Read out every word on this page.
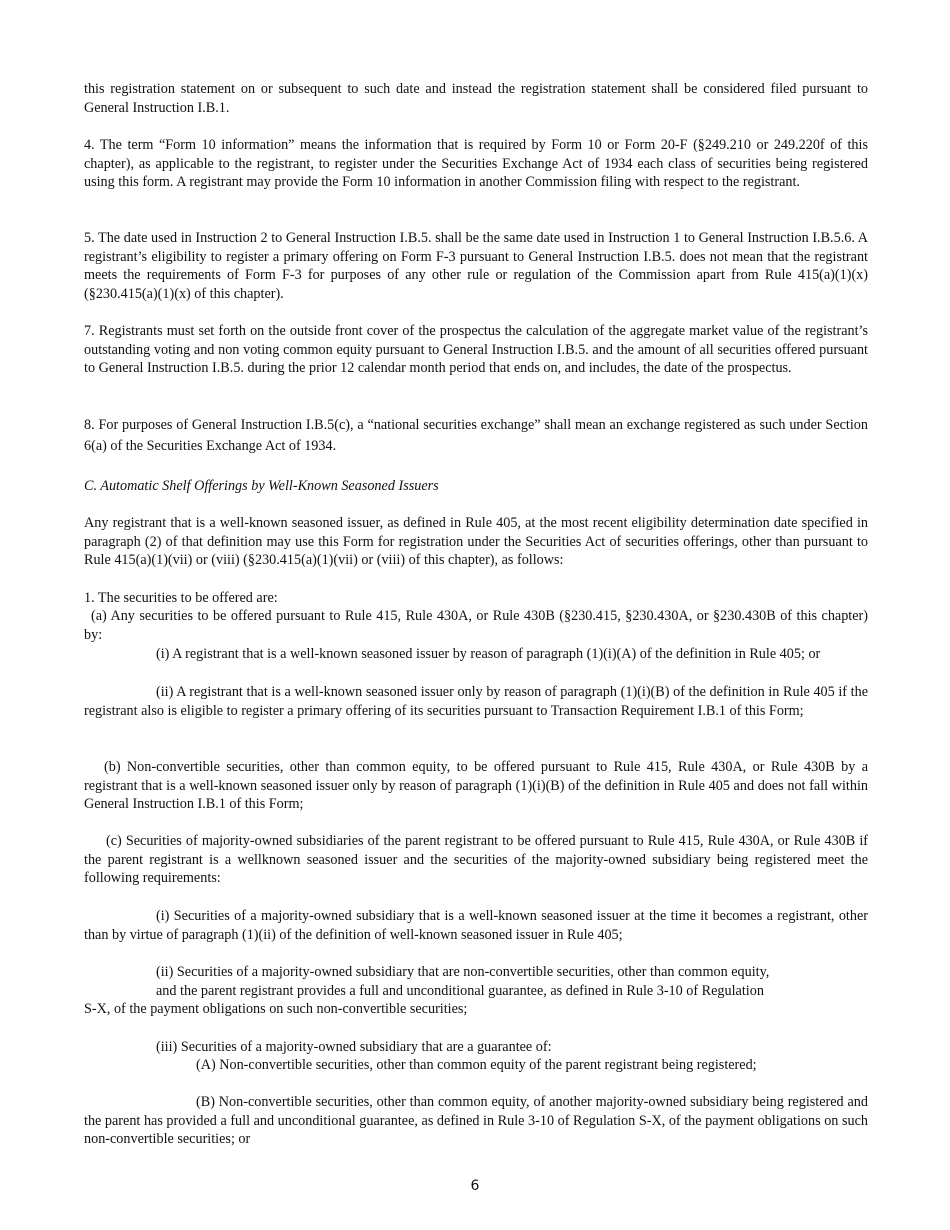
this registration statement on or subsequent to such date and instead the registration statement shall be considered filed pursuant to General Instruction I.B.1.

4. The term “Form 10 information” means the information that is required by Form 10 or Form 20-F (§249.210 or 249.220f of this chapter), as applicable to the registrant, to register under the Securities Exchange Act of 1934 each class of securities being registered using this form. A registrant may provide the Form 10 information in another Commission filing with respect to the registrant.

5. The date used in Instruction 2 to General Instruction I.B.5. shall be the same date used in Instruction 1 to General Instruction I.B.5.6. A registrant’s eligibility to register a primary offering on Form F-3 pursuant to General Instruction I.B.5. does not mean that the registrant meets the requirements of Form F-3 for purposes of any other rule or regulation of the Commission apart from Rule 415(a)(1)(x) (§230.415(a)(1)(x) of this chapter).

7. Registrants must set forth on the outside front cover of the prospectus the calculation of the aggregate market value of the registrant’s outstanding voting and non voting common equity pursuant to General Instruction I.B.5. and the amount of all securities offered pursuant to General Instruction I.B.5. during the prior 12 calendar month period that ends on, and includes, the date of the prospectus.

8. For purposes of General Instruction I.B.5(c), a “national securities exchange” shall mean an exchange registered as such under Section 6(a) of the Securities Exchange Act of 1934.

C. Automatic Shelf Offerings by Well-Known Seasoned Issuers

Any registrant that is a well-known seasoned issuer, as defined in Rule 405, at the most recent eligibility determination date specified in paragraph (2) of that definition may use this Form for registration under the Securities Act of securities offerings, other than pursuant to Rule 415(a)(1)(vii) or (viii) (§230.415(a)(1)(vii) or (viii) of this chapter), as follows:

1. The securities to be offered are:

(a) Any securities to be offered pursuant to Rule 415, Rule 430A, or Rule 430B (§230.415, §230.430A, or §230.430B of this chapter) by:

(i) A registrant that is a well-known seasoned issuer by reason of paragraph (1)(i)(A) of the definition in Rule 405; or

(ii) A registrant that is a well-known seasoned issuer only by reason of paragraph (1)(i)(B) of the definition in Rule 405 if the registrant also is eligible to register a primary offering of its securities pursuant to Transaction Requirement I.B.1 of this Form;

(b) Non-convertible securities, other than common equity, to be offered pursuant to Rule 415, Rule 430A, or Rule 430B by a registrant that is a well-known seasoned issuer only by reason of paragraph (1)(i)(B) of the definition in Rule 405 and does not fall within General Instruction I.B.1 of this Form;

(c) Securities of majority-owned subsidiaries of the parent registrant to be offered pursuant to Rule 415, Rule 430A, or Rule 430B if the parent registrant is a wellknown seasoned issuer and the securities of the majority-owned subsidiary being registered meet the following requirements:

(i) Securities of a majority-owned subsidiary that is a well-known seasoned issuer at the time it becomes a registrant, other than by virtue of paragraph (1)(ii) of the definition of well-known seasoned issuer in Rule 405;

(ii) Securities of a majority-owned subsidiary that are non-convertible securities, other than common equity,

and the parent registrant provides a full and unconditional guarantee, as defined in Rule 3-10 of Regulation

S-X, of the payment obligations on such non-convertible securities;

(iii) Securities of a majority-owned subsidiary that are a guarantee of:

(A) Non-convertible securities, other than common equity of the parent registrant being registered;

(B) Non-convertible securities, other than common equity, of another majority-owned subsidiary being registered and the parent has provided a full and unconditional guarantee, as defined in Rule 3-10 of Regulation S-X, of the payment obligations on such non-convertible securities; or

6
